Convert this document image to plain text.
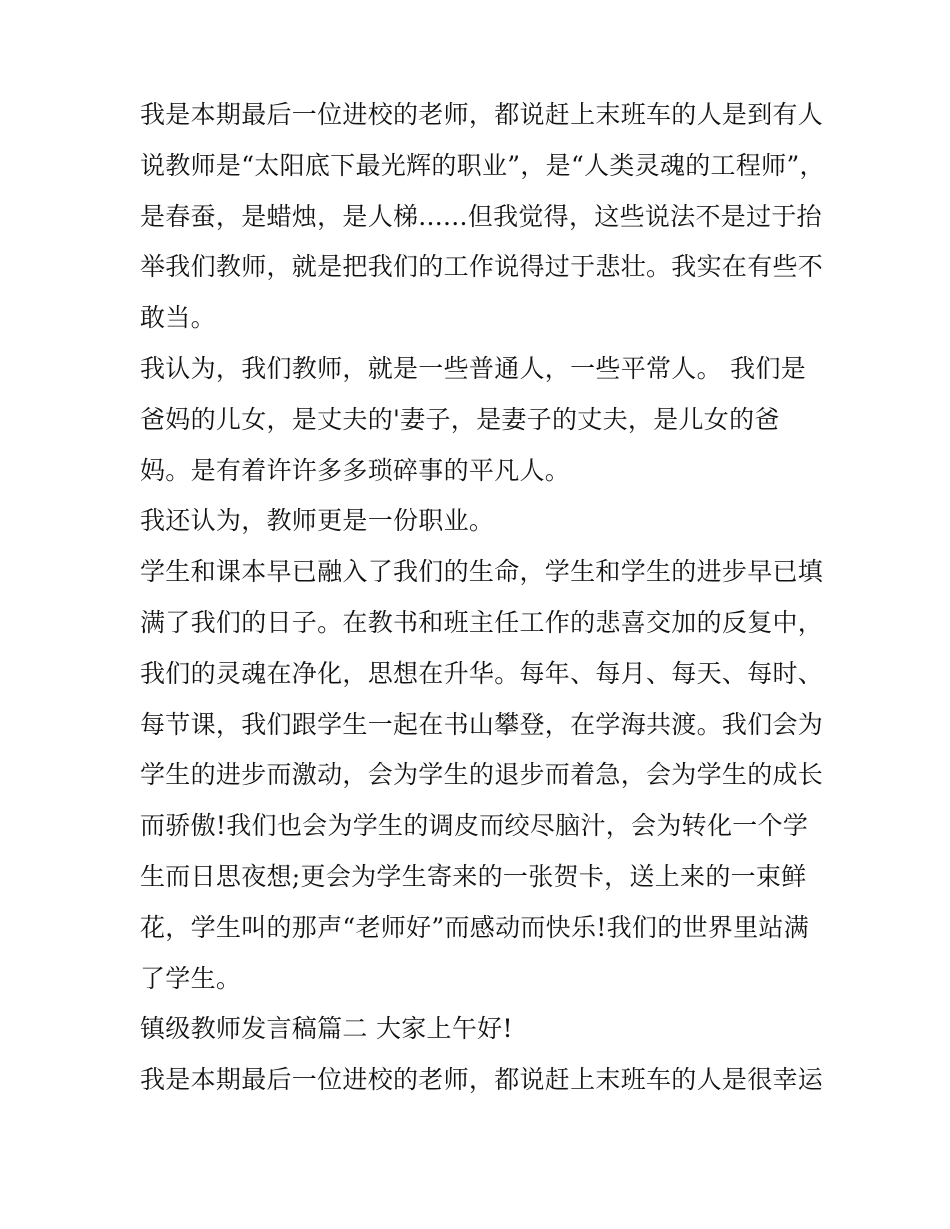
我是本期最后一位进校的老师，都说赶上末班车的人是到有人
说教师是“太阳底下最光辉的职业”，是“人类灵魂的工程师”，
是春蚕，是蜡烛，是人梯......但我觉得，这些说法不是过于抬
举我们教师，就是把我们的工作说得过于悲壮。我实在有些不
敢当。
我认为，我们教师，就是一些普通人，一些平常人。 我们是
爸妈的儿女，是丈夫的'妻子，是妻子的丈夫，是儿女的爸
妈。是有着许许多多琐碎事的平凡人。
我还认为，教师更是一份职业。
学生和课本早已融入了我们的生命，学生和学生的进步早已填
满了我们的日子。在教书和班主任工作的悲喜交加的反复中，
我们的灵魂在净化，思想在升华。每年、每月、每天、每时、
每节课，我们跟学生一起在书山攀登，在学海共渡。我们会为
学生的进步而激动，会为学生的退步而着急，会为学生的成长
而骄傲!我们也会为学生的调皮而绞尽脑汁，会为转化一个学
生而日思夜想;更会为学生寄来的一张贺卡，送上来的一束鲜
花，学生叫的那声“老师好”而感动而快乐!我们的世界里站满
了学生。
镇级教师发言稿篇二 大家上午好!
我是本期最后一位进校的老师，都说赶上末班车的人是很幸运
